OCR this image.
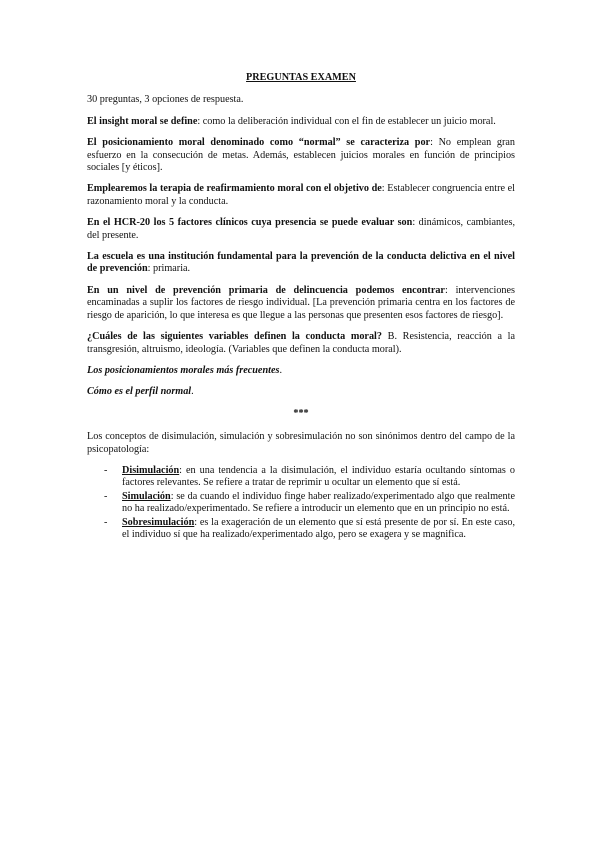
PREGUNTAS EXAMEN

30 preguntas, 3 opciones de respuesta.

El insight moral se define: como la deliberación individual con el fin de establecer un juicio moral.

El posicionamiento moral denominado como “normal” se caracteriza por: No emplean gran esfuerzo en la consecución de metas. Además, establecen juicios morales en función de principios sociales [y éticos].

Emplearemos la terapia de reafirmamiento moral con el objetivo de: Establecer congruencia entre el razonamiento moral y la conducta.

En el HCR-20 los 5 factores clínicos cuya presencia se puede evaluar son: dinámicos, cambiantes, del presente.

La escuela es una institución fundamental para la prevención de la conducta delictiva en el nivel de prevención: primaria.

En un nivel de prevención primaria de delincuencia podemos encontrar: intervenciones encaminadas a suplir los factores de riesgo individual. [La prevención primaria centra en los factores de riesgo de aparición, lo que interesa es que llegue a las personas que presenten esos factores de riesgo].

¿Cuáles de las siguientes variables definen la conducta moral? B. Resistencia, reacción a la transgresión, altruismo, ideología. (Variables que definen la conducta moral).

Los posicionamientos morales más frecuentes.

Cómo es el perfil normal.

***

Los conceptos de disimulación, simulación y sobresimulación no son sinónimos dentro del campo de la psicopatología:

- Disimulación: en una tendencia a la disimulación, el individuo estaría ocultando síntomas o factores relevantes. Se refiere a tratar de reprimir u ocultar un elemento que sí está.
- Simulación: se da cuando el individuo finge haber realizado/experimentado algo que realmente no ha realizado/experimentado. Se refiere a introducir un elemento que en un principio no está.
- Sobresimulación: es la exageración de un elemento que sí está presente de por sí. En este caso, el individuo sí que ha realizado/experimentado algo, pero se exagera y se magnifica.
